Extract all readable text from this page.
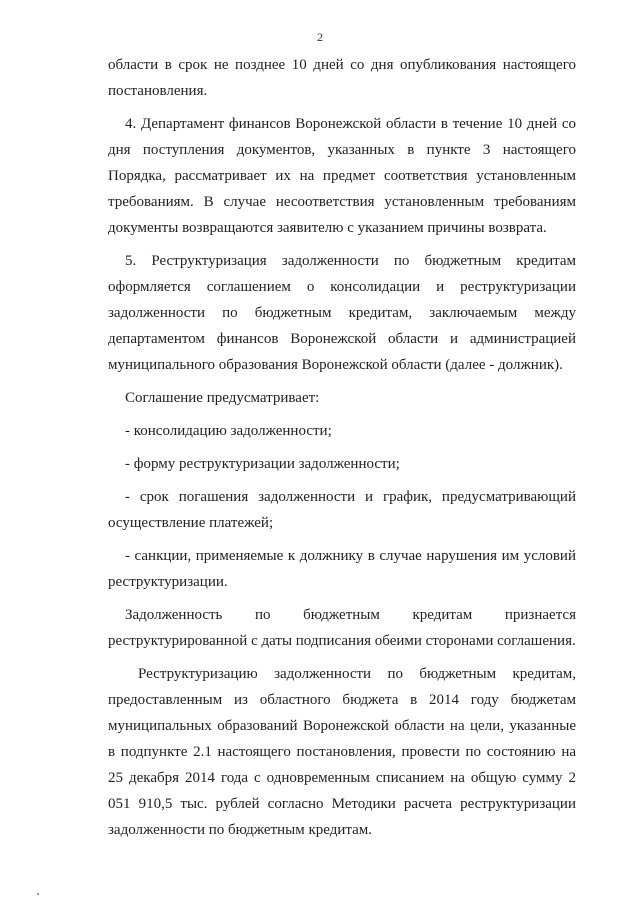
2

области в срок не позднее 10 дней со дня опубликования настоящего постановления.

4. Департамент финансов Воронежской области в течение 10 дней со дня поступления документов, указанных в пункте 3 настоящего Порядка, рассматривает их на предмет соответствия установленным требованиям. В случае несоответствия установленным требованиям документы возвращаются заявителю с указанием причины возврата.

5. Реструктуризация задолженности по бюджетным кредитам оформляется соглашением о консолидации и реструктуризации задолженности по бюджетным кредитам, заключаемым между департаментом финансов Воронежской области и администрацией муниципального образования Воронежской области (далее - должник).

Соглашение предусматривает:

- консолидацию задолженности;

- форму реструктуризации задолженности;

- срок погашения задолженности и график, предусматривающий осуществление платежей;

- санкции, применяемые к должнику в случае нарушения им условий реструктуризации.

Задолженность по бюджетным кредитам признается реструктурированной с даты подписания обеими сторонами соглашения.

Реструктуризацию задолженности по бюджетным кредитам, предоставленным из областного бюджета в 2014 году бюджетам муниципальных образований Воронежской области на цели, указанные в подпункте 2.1 настоящего постановления, провести по состоянию на 25 декабря 2014 года с одновременным списанием на общую сумму 2 051 910,5 тыс. рублей согласно Методики расчета реструктуризации задолженности по бюджетным кредитам.
